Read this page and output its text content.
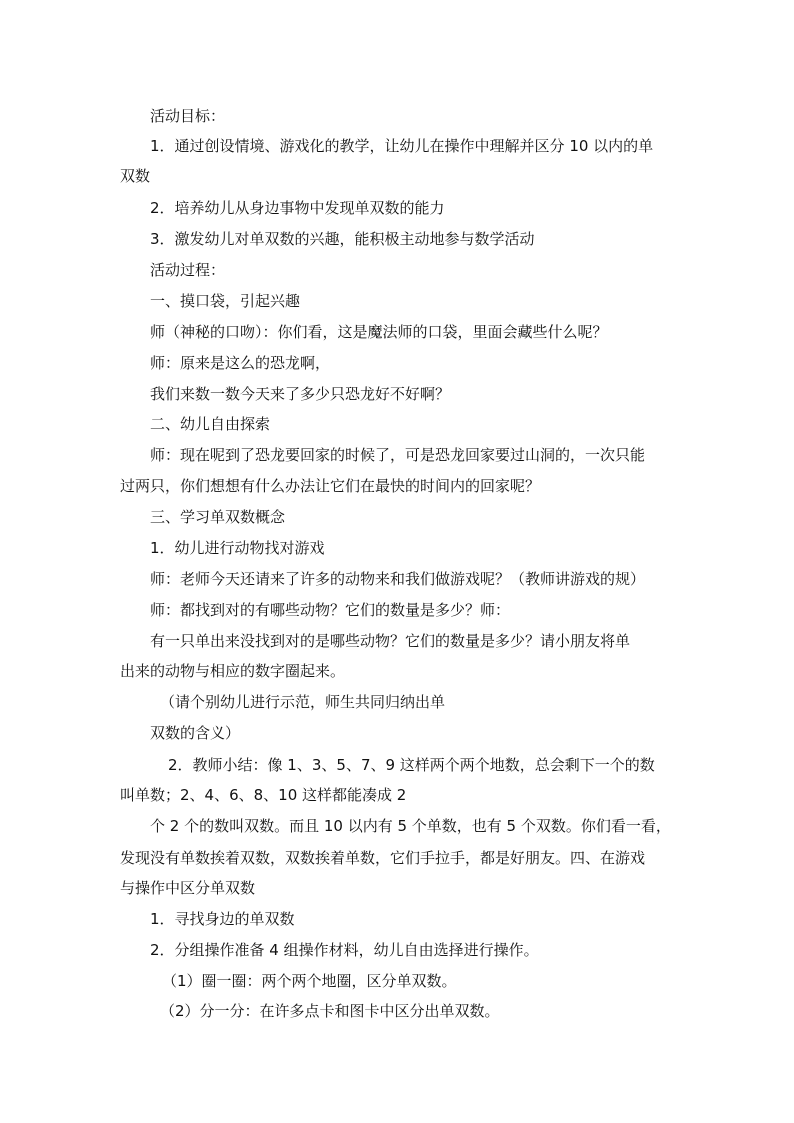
活动目标：
1．通过创设情境、游戏化的教学，让幼儿在操作中理解并区分 10 以内的单
双数
2．培养幼儿从身边事物中发现单双数的能力
3．激发幼儿对单双数的兴趣，能积极主动地参与数学活动
活动过程：
一、摸口袋，引起兴趣
师（神秘的口吻）：你们看，这是魔法师的口袋，里面会藏些什么呢？
师：原来是这么的恐龙啊，
我们来数一数今天来了多少只恐龙好不好啊？
二、幼儿自由探索
师：现在呢到了恐龙要回家的时候了，可是恐龙回家要过山洞的，一次只能
过两只，你们想想有什么办法让它们在最快的时间内的回家呢？
三、学习单双数概念
1．幼儿进行动物找对游戏
师：老师今天还请来了许多的动物来和我们做游戏呢？（教师讲游戏的规）
师：都找到对的有哪些动物？它们的数量是多少？师：
有一只单出来没找到对的是哪些动物？它们的数量是多少？请小朋友将单
出来的动物与相应的数字圈起来。
（请个别幼儿进行示范，师生共同归纳出单
双数的含义）
2．教师小结：像 1、3、5、7、9 这样两个两个地数，总会剩下一个的数
叫单数；2、4、6、8、10 这样都能凑成 2
个 2 个的数叫双数。而且 10 以内有 5 个单数，也有 5 个双数。你们看一看，
发现没有单数挨着双数，双数挨着单数，它们手拉手，都是好朋友。四、在游戏
与操作中区分单双数
1．寻找身边的单双数
2．分组操作准备 4 组操作材料，幼儿自由选择进行操作。
（1）圈一圈：两个两个地圈，区分单双数。
（2）分一分：在许多点卡和图卡中区分出单双数。
